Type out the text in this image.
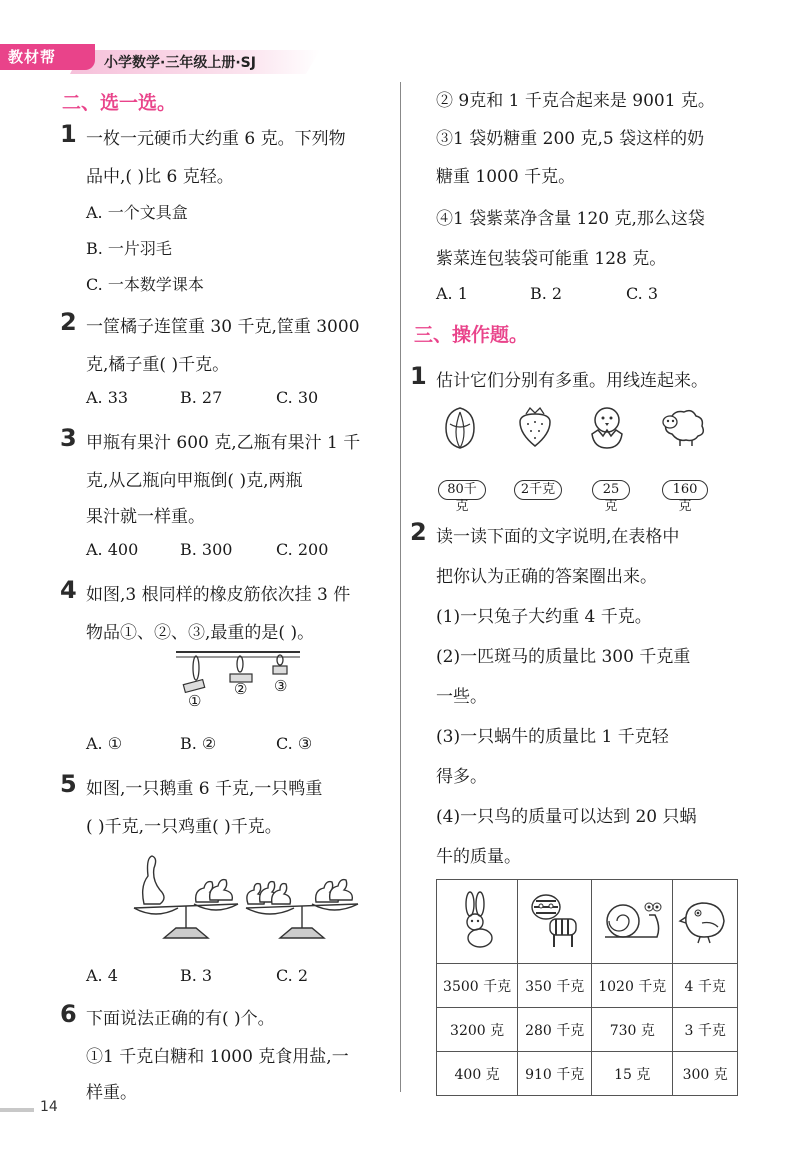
教材帮	小学数学·三年级上册·SJ
二、选一选。
1 一枚一元硬币大约重 6 克。下列物
品中,( )比 6 克轻。
A. 一个文具盒
B. 一片羽毛
C. 一本数学课本
2 一筐橘子连筐重 30 千克,筐重 3000
克,橘子重( )千克。
A. 33	B. 27	C. 30
3 甲瓶有果汁 600 克,乙瓶有果汁 1 千
克,从乙瓶向甲瓶倒( )克,两瓶
果汁就一样重。
A. 400	B. 300	C. 200
4 如图,3 根同样的橡皮筋依次挂 3 件
物品①、②、③,最重的是( )。
①
② ③
A. ①	B. ②	C. ③
5 如图,一只鹅重 6 千克,一只鸭重
( )千克,一只鸡重( )千克。
A. 4	B. 3	C. 2
6 下面说法正确的有( )个。
①1 千克白糖和 1000 克食用盐,一
样重。
② 9克和 1 千克合起来是 9001 克。
③1 袋奶糖重 200 克,5 袋这样的奶
糖重 1000 千克。
④1 袋紫菜净含量 120 克,那么这袋
紫菜连包装袋可能重 128 克。
A. 1	B. 2	C. 3
三、操作题。
1 估计它们分别有多重。用线连起来。
80千克
2千克	25克
160克
2 读一读下面的文字说明,在表格中
把你认为正确的答案圈出来。
(1)一只兔子大约重 4 千克。
(2)一匹斑马的质量比 300 千克重
一些。
(3)一只蜗牛的质量比 1 千克轻
得多。
(4)一只鸟的质量可以达到 20 只蜗
牛的质量。

3500 千克	350 千克	1020 千克	4 千克
3200 克	280 千克	730 克	3 千克
400 克	910 千克	15 克	300 克
14
